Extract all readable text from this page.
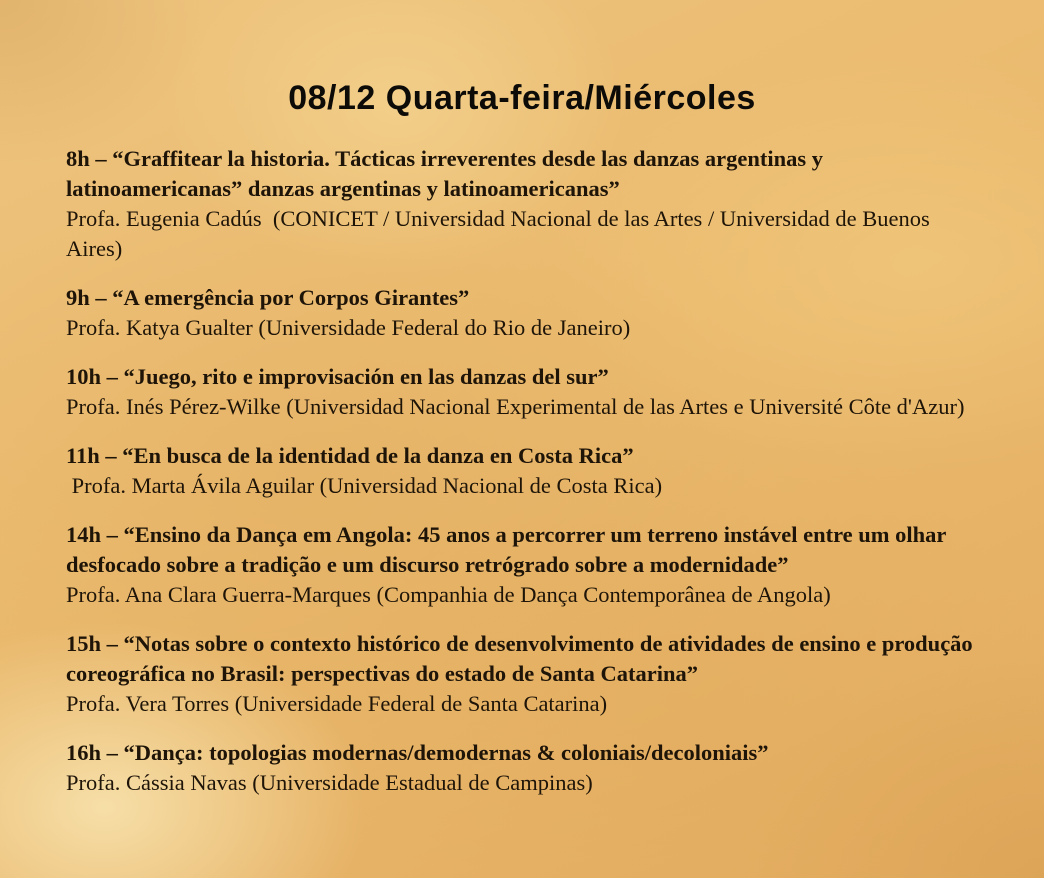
08/12 Quarta-feira/Miércoles

8h – “Graffitear la historia. Tácticas irreverentes desde las danzas argentinas y latinoamericanas” danzas argentinas y latinoamericanas”

Profa. Eugenia Cadús  (CONICET / Universidad Nacional de las Artes / Universidad de Buenos Aires)

9h – “A emergência por Corpos Girantes”

Profa. Katya Gualter (Universidade Federal do Rio de Janeiro)

10h – “Juego, rito e improvisación en las danzas del sur”

Profa. Inés Pérez-Wilke (Universidad Nacional Experimental de las Artes e Université Côte d'Azur)

11h – “En busca de la identidad de la danza en Costa Rica”

Profa. Marta Ávila Aguilar (Universidad Nacional de Costa Rica)

14h – “Ensino da Dança em Angola: 45 anos a percorrer um terreno instável entre um olhar desfocado sobre a tradição e um discurso retrógrado sobre a modernidade”

Profa. Ana Clara Guerra-Marques (Companhia de Dança Contemporânea de Angola)

15h – “Notas sobre o contexto histórico de desenvolvimento de atividades de ensino e produção coreográfica no Brasil: perspectivas do estado de Santa Catarina”

Profa. Vera Torres (Universidade Federal de Santa Catarina)

16h – “Dança: topologias modernas/demodernas & coloniais/decoloniais”

Profa. Cássia Navas (Universidade Estadual de Campinas)
